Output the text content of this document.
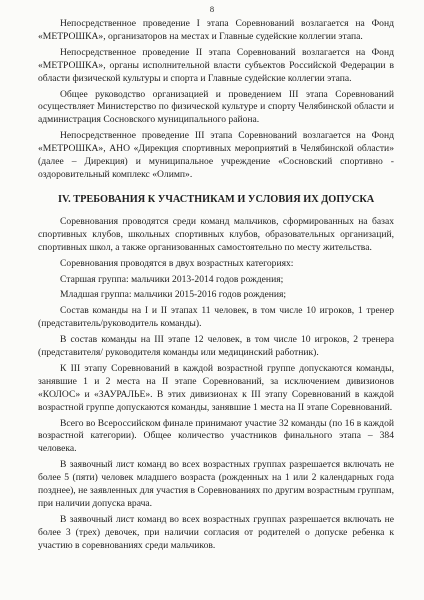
8

Непосредственное проведение I этапа Соревнований возлагается на Фонд «МЕТРОШКА», организаторов на местах и Главные судейские коллегии этапа.

Непосредственное проведение II этапа Соревнований возлагается на Фонд «МЕТРОШКА», органы исполнительной власти субъектов Российской Федерации в области физической культуры и спорта и Главные судейские коллегии этапа.

Общее руководство организацией и проведением III этапа Соревнований осуществляет Министерство по физической культуре и спорту Челябинской области и администрация Сосновского муниципального района.

Непосредственное проведение III этапа Соревнований возлагается на Фонд «МЕТРОШКА», АНО «Дирекция спортивных мероприятий в Челябинской области» (далее – Дирекция) и муниципальное учреждение «Сосновский спортивно - оздоровительный комплекс «Олимп».

IV. ТРЕБОВАНИЯ К УЧАСТНИКАМ И УСЛОВИЯ ИХ ДОПУСКА

Соревнования проводятся среди команд мальчиков, сформированных на базах спортивных клубов, школьных спортивных клубов, образовательных организаций, спортивных школ, а также организованных самостоятельно по месту жительства.

Соревнования проводятся в двух возрастных категориях:

Старшая группа: мальчики 2013-2014 годов рождения;

Младшая группа: мальчики 2015-2016 годов рождения;

Состав команды на I и II этапах 11 человек, в том числе 10 игроков, 1 тренер (представитель/руководитель команды).

В состав команды на III этапе 12 человек, в том числе 10 игроков, 2 тренера (представителя/ руководителя команды или медицинский работник).

К III этапу Соревнований в каждой возрастной группе допускаются команды, занявшие 1 и 2 места на II этапе Соревнований, за исключением дивизионов «КОЛОС» и «ЗАУРАЛЬЕ». В этих дивизионах к III этапу Соревнований в каждой возрастной группе допускаются команды, занявшие 1 места на II этапе Соревнований.

Всего во Всероссийском финале принимают участие 32 команды (по 16 в каждой возрастной категории). Общее количество участников финального этапа – 384 человека.

В заявочный лист команд во всех возрастных группах разрешается включать не более 5 (пяти) человек младшего возраста (рожденных на 1 или 2 календарных года позднее), не заявленных для участия в Соревнованиях по другим возрастным группам, при наличии допуска врача.

В заявочный лист команд во всех возрастных группах разрешается включать не более 3 (трех) девочек, при наличии согласия от родителей о допуске ребенка к участию в соревнованиях среди мальчиков.
